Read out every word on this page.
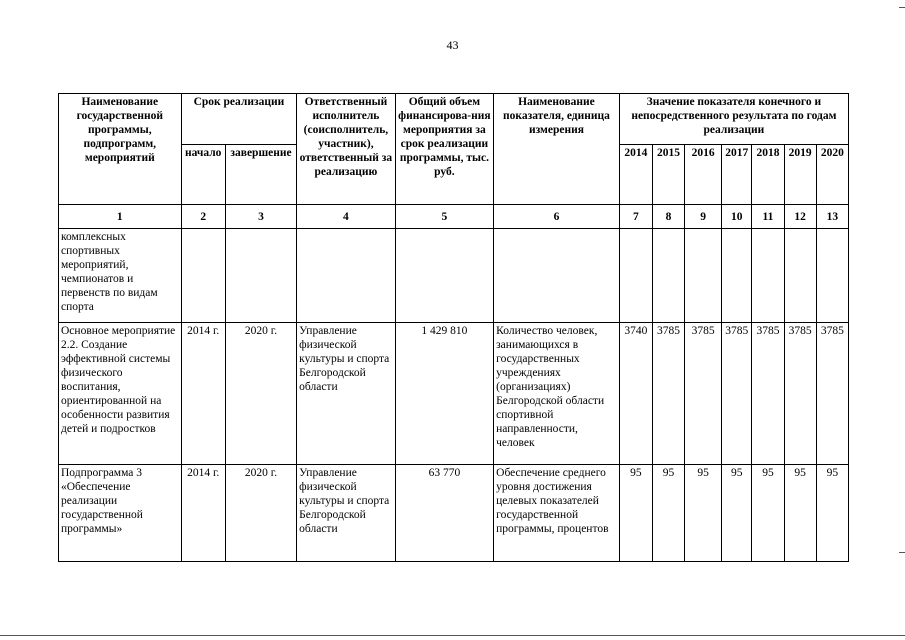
43
Наименование государственной программы, подпрограмм, мероприятий	Срок реализации		Ответственный исполнитель (соисполнитель, участник), ответственный за реализацию	Общий объем финансирова-ния мероприятия за срок реализации программы, тыс. руб.	Наименование показателя, единица измерения	Значение показателя конечного и непосредственного результата по годам реализации						
	начало	завершение				2014	2015	2016	2017	2018	2019	2020
1	2	3	4	5	6	7	8	9	10	11	12	13
комплексных спортивных мероприятий, чемпионатов и первенств по видам спорта												
Основное мероприятие 2.2. Создание эффективной системы физического воспитания, ориентированной на особенности развития детей и подростков	2014 г.	2020 г.	Управление физической культуры и спорта Белгородской области	1 429 810	Количество человек, занимающихся в государственных учреждениях (организациях) Белгородской области спортивной направленности, человек	3740	3785	3785	3785	3785	3785	3785
Подпрограмма 3 «Обеспечение реализации государственной программы»	2014 г.	2020 г.	Управление физической культуры и спорта Белгородской области	63 770	Обеспечение среднего уровня достижения целевых показателей государственной программы, процентов	95	95	95	95	95	95	95
